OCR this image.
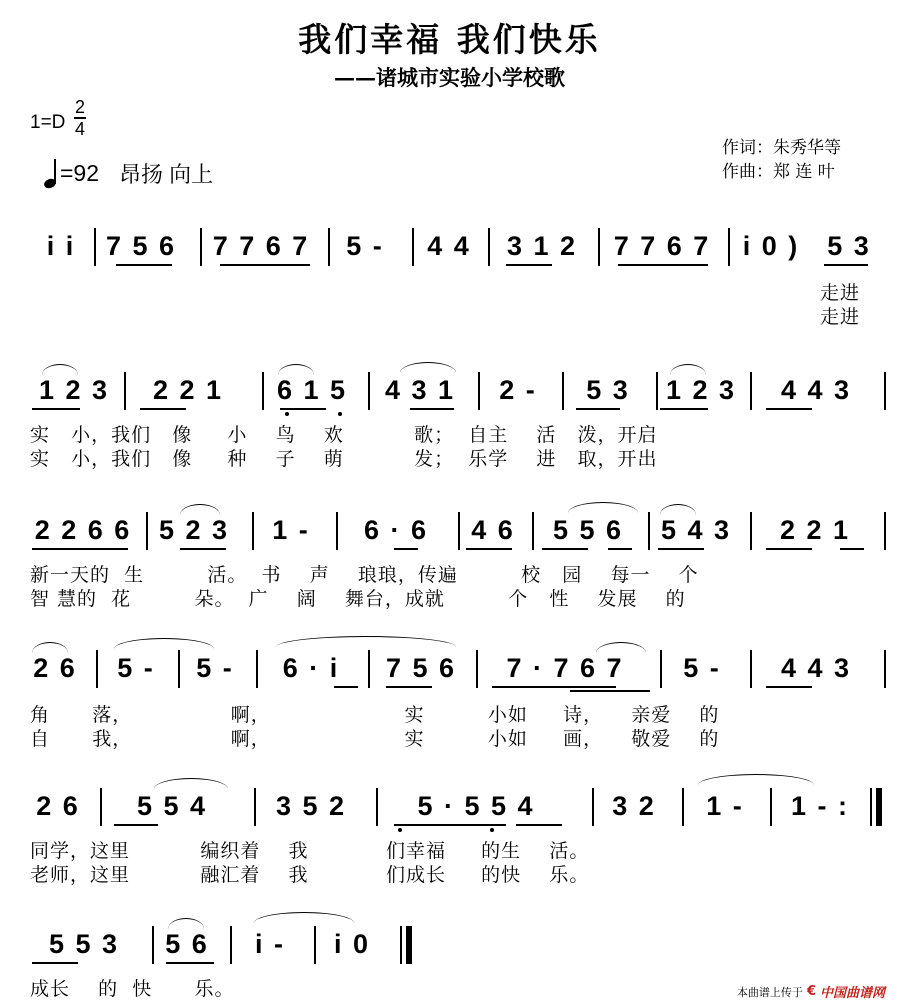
我们幸福 我们快乐
——诸城市实验小学校歌
1=D
2
4
=92 昂扬 向上
作词：朱秀华等
作曲：郑 连 叶
i i	7 5 6	7 7 6 7	5 -	4 4	3 1 2	7 7 6 7	i 0 )	5 3
走进
走进
1 2 3	2 2 1	6 1 5	4 3 1	2 -	5 3	1 2 3	4 4 3
实   小，我们   像     小    鸟    欢          歌；  自主    活   泼，开启
实   小，我们   像     种    子    萌          发；  乐学    进   取，开出
2 2 6 6	5 2 3	1 -	6 · 6	4 6	5 5 6	5 4 3	2 2 1
新一天的  生         活。  书    声    琅琅，传遍         校   园    每一    个
智 慧的  花         朵。  广    阔    舞台，成就         个   性    发展    的
2 6	5 -	5 -	6 · i	7 5 6	7 · 7 6 7	5 -	4 4 3
角      落，              啊，                   实         小如     诗，    亲爱    的
自      我，              啊，                   实         小如     画，    敬爱    的
2 6	5 5 4	3 5 2	5 · 5 5 4	3 2	1 -	1 - :
同学，这里          编织着    我           们幸福     的生    活。
老师，这里          融汇着    我           们成长     的快    乐。
5 5 3	5 6	i -	i 0
成长    的  快      乐。	本曲谱上传于 € 中国曲谱网
